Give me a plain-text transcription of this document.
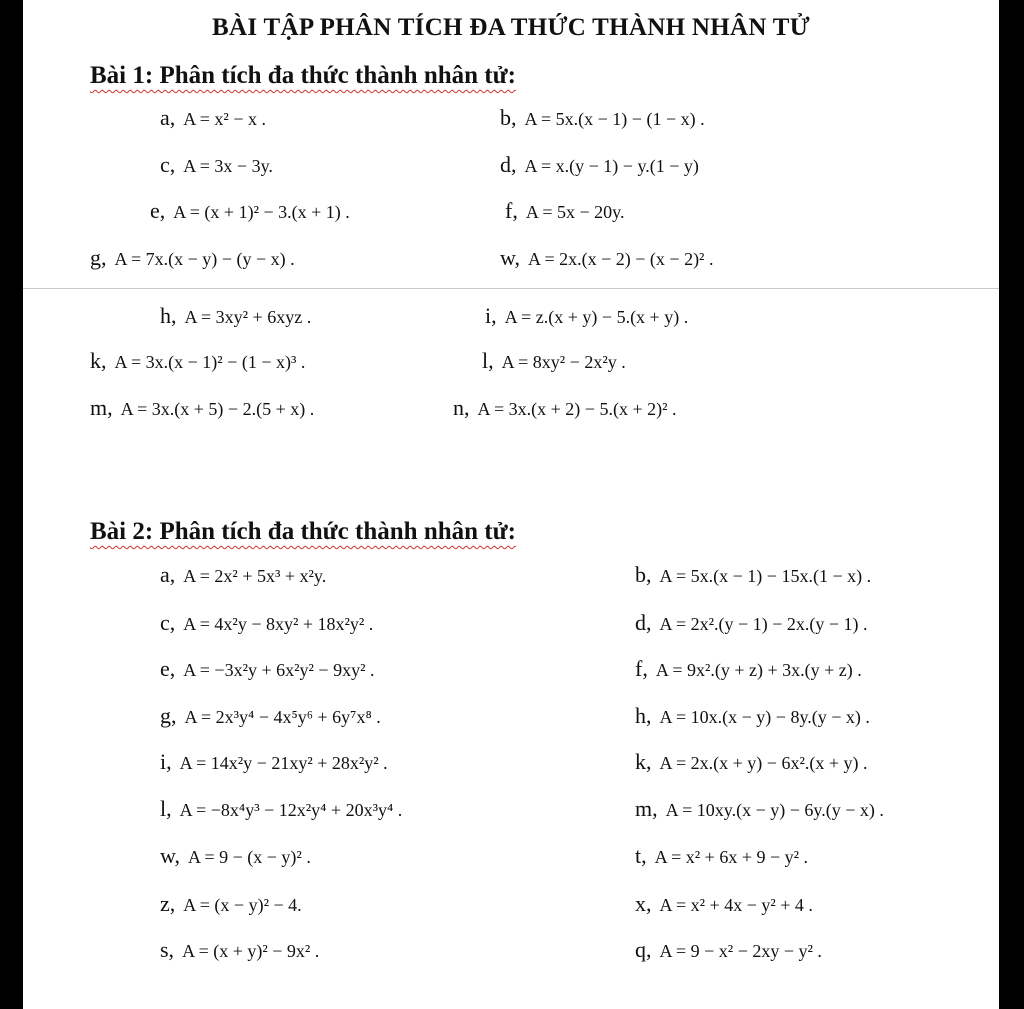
BÀI TẬP PHÂN TÍCH ĐA THỨC THÀNH NHÂN TỬ
Bài 1: Phân tích đa thức thành nhân tử:
a, A = x² − x .	b, A = 5x.(x − 1) − (1 − x) .
c, A = 3x − 3y.	d, A = x.(y − 1) − y.(1 − y)
e, A = (x + 1)² − 3.(x + 1) .	f, A = 5x − 20y.
g, A = 7x.(x − y) − (y − x) .	w, A = 2x.(x − 2) − (x − 2)² .
h, A = 3xy² + 6xyz .	i, A = z.(x + y) − 5.(x + y) .
k, A = 3x.(x − 1)² − (1 − x)³ .	l, A = 8xy² − 2x²y .
m, A = 3x.(x + 5) − 2.(5 + x) .	n, A = 3x.(x + 2) − 5.(x + 2)² .
Bài 2: Phân tích đa thức thành nhân tử:
a, A = 2x² + 5x³ + x²y.	b, A = 5x.(x − 1) − 15x.(1 − x) .
c, A = 4x²y − 8xy² + 18x²y² .	d, A = 2x².(y − 1) − 2x.(y − 1) .
e, A = −3x²y + 6x²y² − 9xy² .	f, A = 9x².(y + z) + 3x.(y + z) .
g, A = 2x³y⁴ − 4x⁵y⁶ + 6y⁷x⁸ .	h, A = 10x.(x − y) − 8y.(y − x) .
i, A = 14x²y − 21xy² + 28x²y² .	k, A = 2x.(x + y) − 6x².(x + y) .
l, A = −8x⁴y³ − 12x²y⁴ + 20x³y⁴ .	m, A = 10xy.(x − y) − 6y.(y − x) .
w, A = 9 − (x − y)² .	t, A = x² + 6x + 9 − y² .
z, A = (x − y)² − 4.	x, A = x² + 4x − y² + 4 .
s, A = (x + y)² − 9x² .	q, A = 9 − x² − 2xy − y² .
